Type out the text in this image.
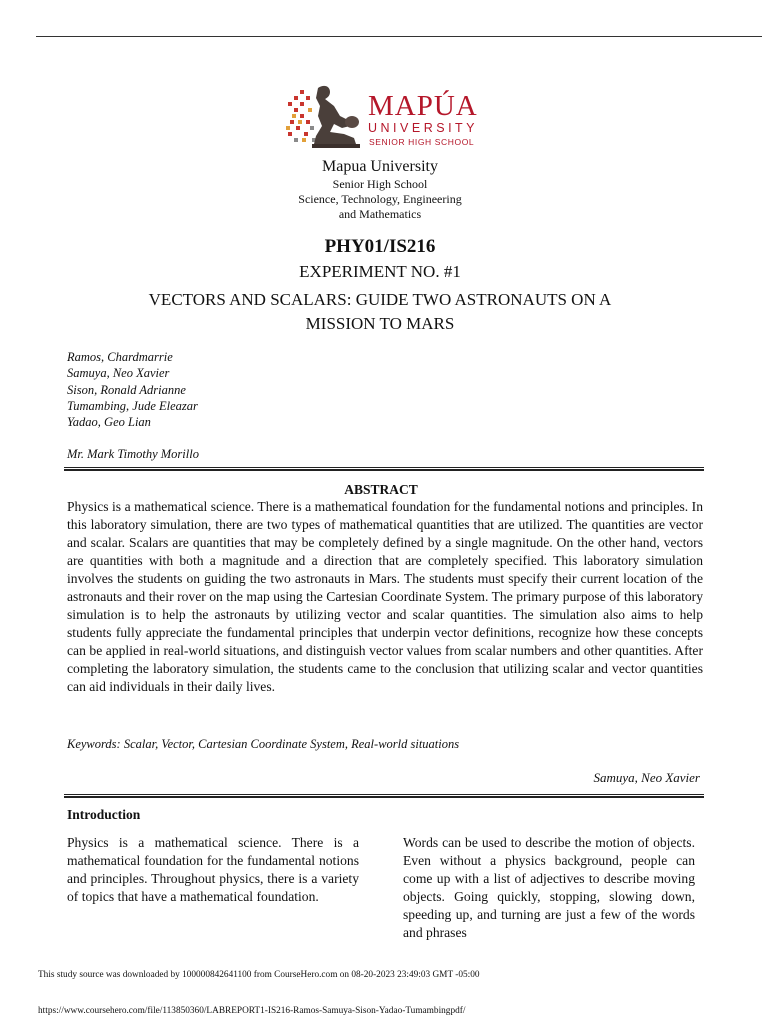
MAPÚA
UNIVERSITY
SENIOR HIGH SCHOOL
Mapua University
Senior High School
Science, Technology, Engineering
and Mathematics
PHY01/IS216
EXPERIMENT NO. #1
VECTORS AND SCALARS: GUIDE TWO ASTRONAUTS ON A
MISSION TO MARS
Ramos, Chardmarrie
Samuya, Neo Xavier
Sison, Ronald Adrianne
Tumambing, Jude Eleazar
Yadao, Geo Lian
Mr. Mark Timothy Morillo
ABSTRACT
Physics is a mathematical science. There is a mathematical foundation for the fundamental notions and principles. In this laboratory simulation, there are two types of mathematical quantities that are utilized. The quantities are vector and scalar. Scalars are quantities that may be completely defined by a single magnitude. On the other hand, vectors are quantities with both a magnitude and a direction that are completely specified. This laboratory simulation involves the students on guiding the two astronauts in Mars. The students must specify their current location of the astronauts and their rover on the map using the Cartesian Coordinate System. The primary purpose of this laboratory simulation is to help the astronauts by utilizing vector and scalar quantities. The simulation also aims to help students fully appreciate the fundamental principles that underpin vector definitions, recognize how these concepts can be applied in real-world situations, and distinguish vector values from scalar numbers and other quantities. After completing the laboratory simulation, the students came to the conclusion that utilizing scalar and vector quantities can aid individuals in their daily lives.
Keywords: Scalar, Vector, Cartesian Coordinate System, Real-world situations
Samuya, Neo Xavier
Introduction
Physics is a mathematical science. There is a mathematical foundation for the fundamental notions and principles. Throughout physics, there is a variety of topics that have a mathematical foundation.
Words can be used to describe the motion of objects. Even without a physics background, people can come up with a list of adjectives to describe moving objects. Going quickly, stopping, slowing down, speeding up, and turning are just a few of the words and phrases
This study source was downloaded by 100000842641100 from CourseHero.com on 08-20-2023 23:49:03 GMT -05:00
https://www.coursehero.com/file/113850360/LABREPORT1-IS216-Ramos-Samuya-Sison-Yadao-Tumambingpdf/
